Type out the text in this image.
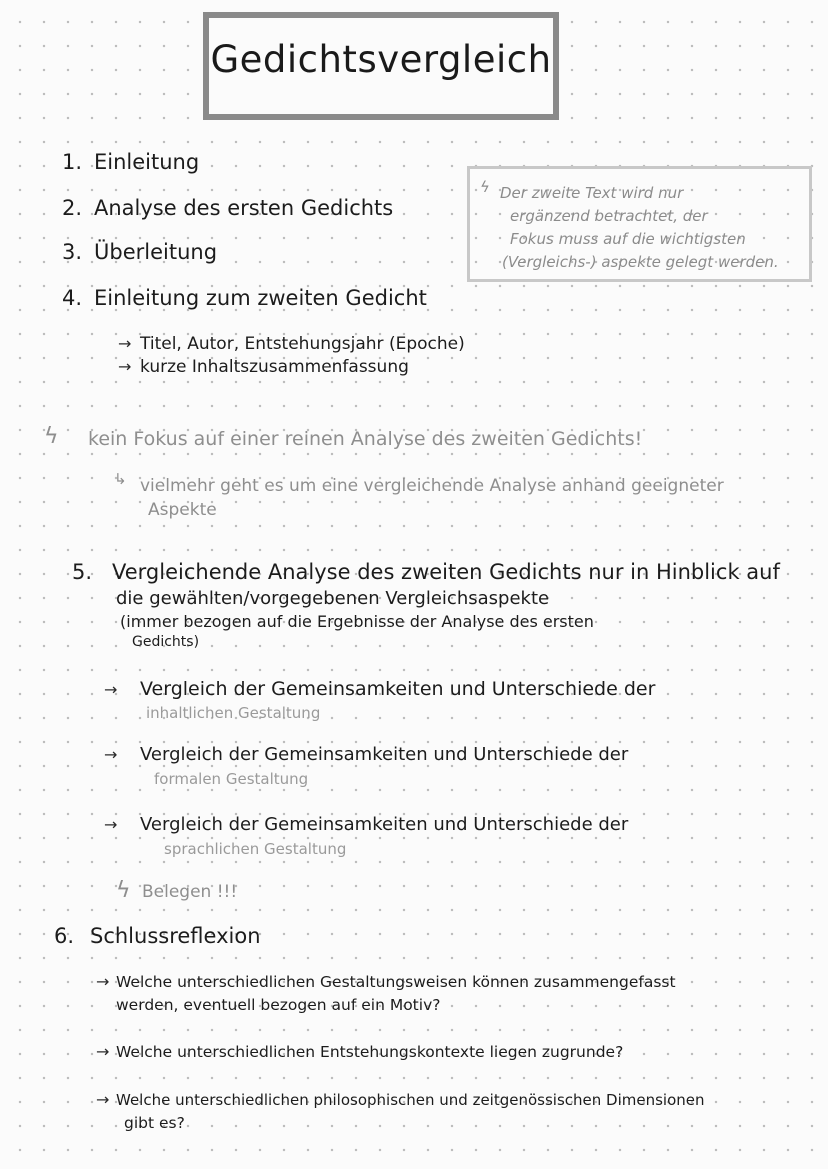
Gedichtsvergleich
ϟ Der zweite Text wird nur
ergänzend betrachtet, der
Fokus muss auf die wichtigsten
(Vergleichs-) aspekte gelegt werden.
1. Einleitung
2. Analyse des ersten Gedichts
3. Überleitung
4. Einleitung zum zweiten Gedicht
→ Titel, Autor, Entstehungsjahr (Epoche)
→ kurze Inhaltszusammenfassung
ϟ kein Fokus auf einer reinen Analyse des zweiten Gedichts!
↳ vielmehr geht es um eine vergleichende Analyse anhand geeigneter
Aspekte
5. Vergleichende Analyse des zweiten Gedichts nur in Hinblick auf
die gewählten/vorgegebenen Vergleichsaspekte
(immer bezogen auf die Ergebnisse der Analyse des ersten
Gedichts)
→ Vergleich der Gemeinsamkeiten und Unterschiede der
inhaltlichen Gestaltung
→ Vergleich der Gemeinsamkeiten und Unterschiede der
formalen Gestaltung
→ Vergleich der Gemeinsamkeiten und Unterschiede der
sprachlichen Gestaltung
ϟ Belegen !!!
6. Schlussreflexion
→ Welche unterschiedlichen Gestaltungsweisen können zusammengefasst
werden, eventuell bezogen auf ein Motiv?
→ Welche unterschiedlichen Entstehungskontexte liegen zugrunde?
→ Welche unterschiedlichen philosophischen und zeitgenössischen Dimensionen
gibt es?
